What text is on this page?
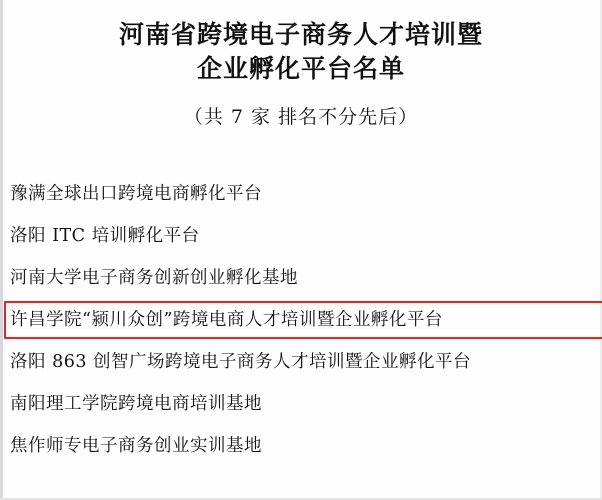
河南省跨境电子商务人才培训暨
企业孵化平台名单
（共 7 家 排名不分先后）
豫满全球出口跨境电商孵化平台
洛阳 ITC 培训孵化平台
河南大学电子商务创新创业孵化基地
许昌学院“颍川众创”跨境电商人才培训暨企业孵化平台
洛阳 863 创智广场跨境电子商务人才培训暨企业孵化平台
南阳理工学院跨境电商培训基地
焦作师专电子商务创业实训基地
